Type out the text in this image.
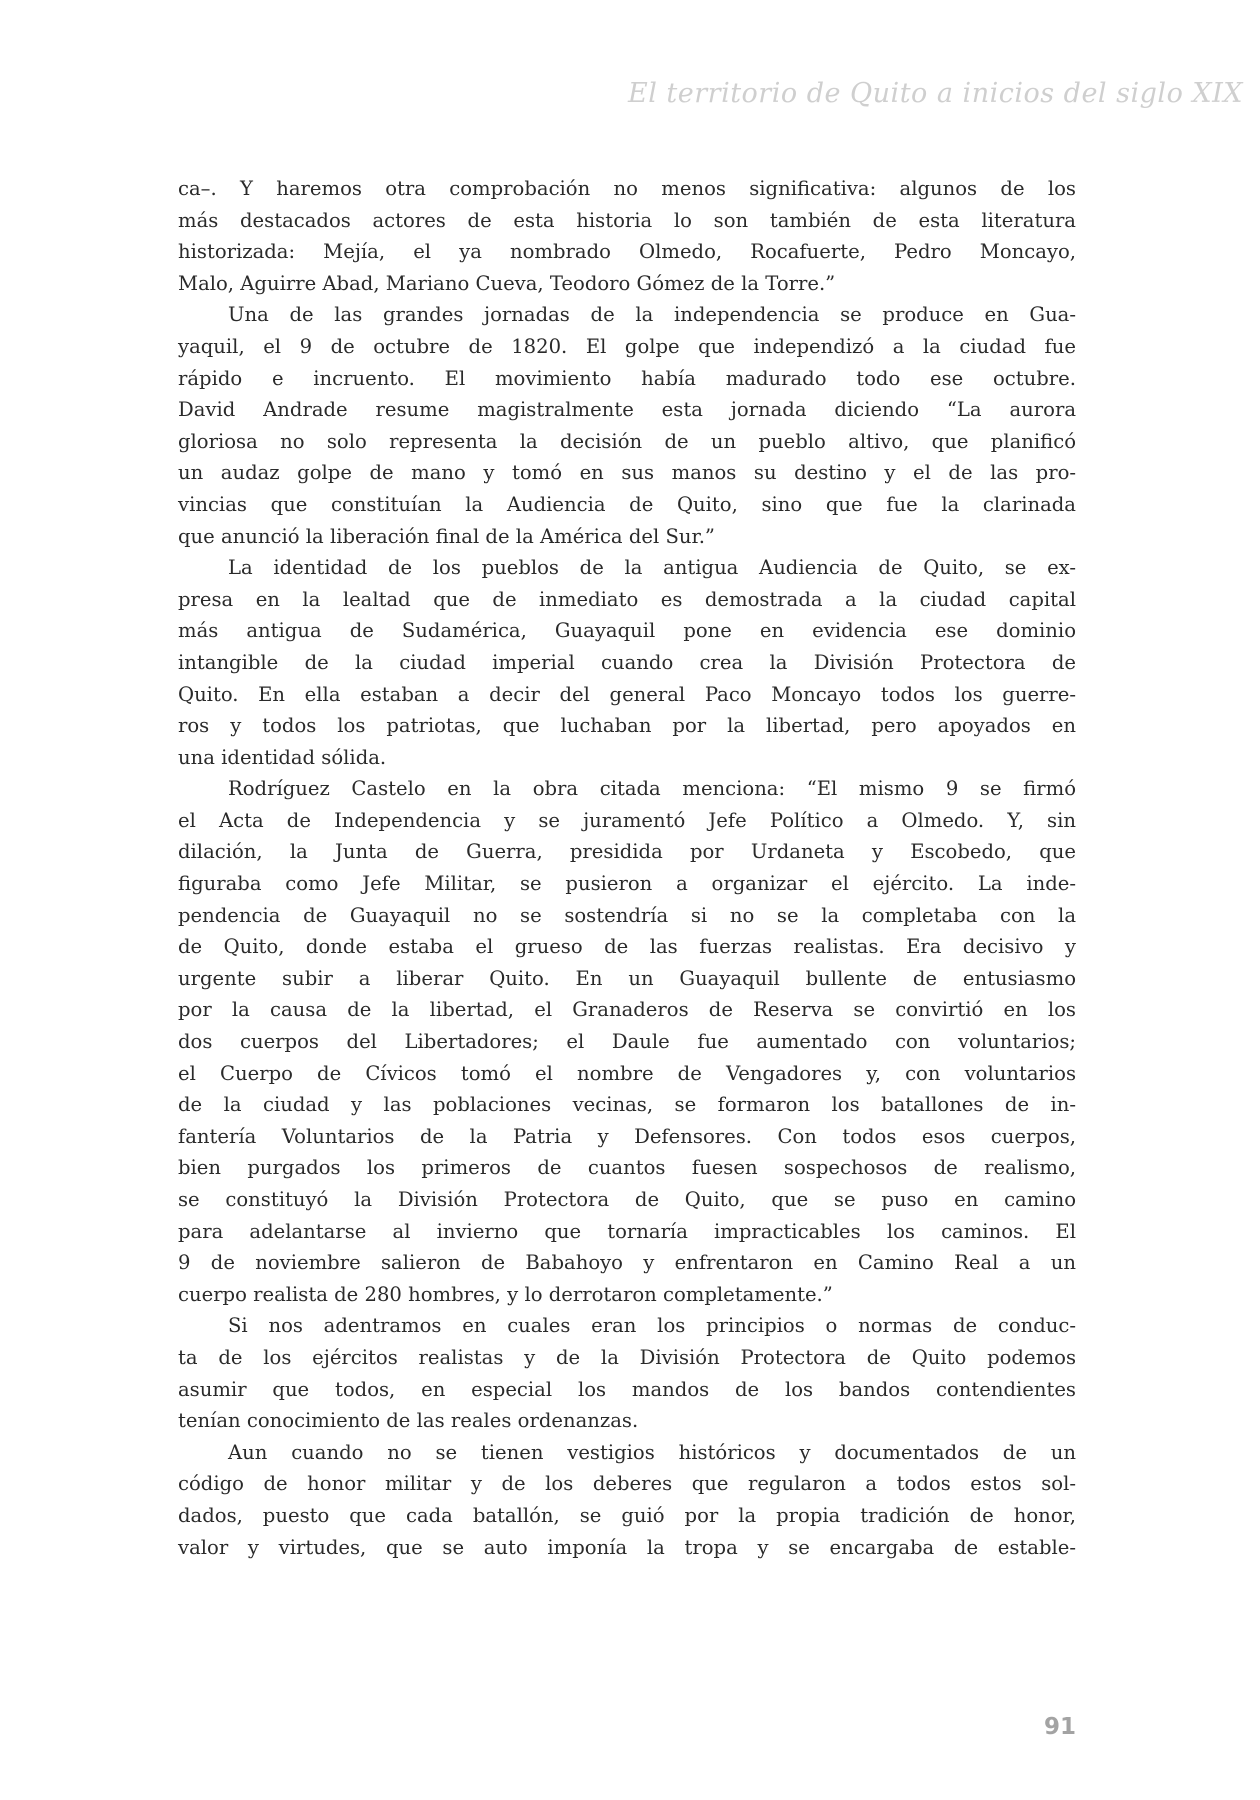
El territorio de Quito a inicios del siglo XIX
ca–. Y haremos otra comprobación no menos significativa: algunos de los
más destacados actores de esta historia lo son también de esta literatura
historizada: Mejía, el ya nombrado Olmedo, Rocafuerte, Pedro Moncayo,
Malo, Aguirre Abad, Mariano Cueva, Teodoro Gómez de la Torre.”
Una de las grandes jornadas de la independencia se produce en Gua-
yaquil, el 9 de octubre de 1820. El golpe que independizó a la ciudad fue
rápido e incruento. El movimiento había madurado todo ese octubre.
David Andrade resume magistralmente esta jornada diciendo “La aurora
gloriosa no solo representa la decisión de un pueblo altivo, que planificó
un audaz golpe de mano y tomó en sus manos su destino y el de las pro-
vincias que constituían la Audiencia de Quito, sino que fue la clarinada
que anunció la liberación final de la América del Sur.”
La identidad de los pueblos de la antigua Audiencia de Quito, se ex-
presa en la lealtad que de inmediato es demostrada a la ciudad capital
más antigua de Sudamérica, Guayaquil pone en evidencia ese dominio
intangible de la ciudad imperial cuando crea la División Protectora de
Quito. En ella estaban a decir del general Paco Moncayo todos los guerre-
ros y todos los patriotas, que luchaban por la libertad, pero apoyados en
una identidad sólida.
Rodríguez Castelo en la obra citada menciona: “El mismo 9 se firmó
el Acta de Independencia y se juramentó Jefe Político a Olmedo. Y, sin
dilación, la Junta de Guerra, presidida por Urdaneta y Escobedo, que
figuraba como Jefe Militar, se pusieron a organizar el ejército. La inde-
pendencia de Guayaquil no se sostendría si no se la completaba con la
de Quito, donde estaba el grueso de las fuerzas realistas. Era decisivo y
urgente subir a liberar Quito. En un Guayaquil bullente de entusiasmo
por la causa de la libertad, el Granaderos de Reserva se convirtió en los
dos cuerpos del Libertadores; el Daule fue aumentado con voluntarios;
el Cuerpo de Cívicos tomó el nombre de Vengadores y, con voluntarios
de la ciudad y las poblaciones vecinas, se formaron los batallones de in-
fantería Voluntarios de la Patria y Defensores. Con todos esos cuerpos,
bien purgados los primeros de cuantos fuesen sospechosos de realismo,
se constituyó la División Protectora de Quito, que se puso en camino
para adelantarse al invierno que tornaría impracticables los caminos. El
9 de noviembre salieron de Babahoyo y enfrentaron en Camino Real a un
cuerpo realista de 280 hombres, y lo derrotaron completamente.”
Si nos adentramos en cuales eran los principios o normas de conduc-
ta de los ejércitos realistas y de la División Protectora de Quito podemos
asumir que todos, en especial los mandos de los bandos contendientes
tenían conocimiento de las reales ordenanzas.
Aun cuando no se tienen vestigios históricos y documentados de un
código de honor militar y de los deberes que regularon a todos estos sol-
dados, puesto que cada batallón, se guió por la propia tradición de honor,
valor y virtudes, que se auto imponía la tropa y se encargaba de estable-
91
